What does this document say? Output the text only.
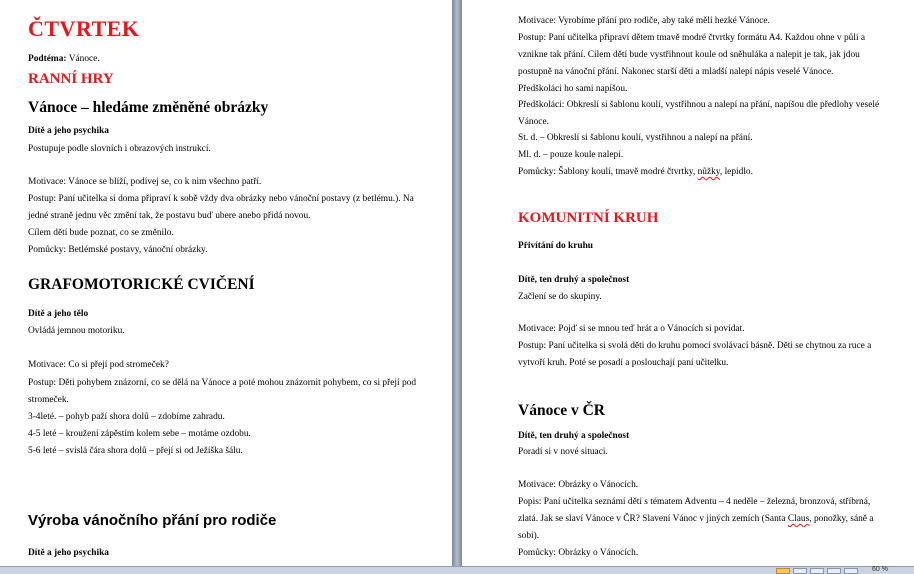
ČTVRTEK
Podtéma: Vánoce.
RANNÍ HRY
Vánoce – hledáme změněné obrázky
Dítě a jeho psychika
Postupuje podle slovních i obrazových instrukcí.
Motivace: Vánoce se blíží, podívej se, co k nim všechno patří.
Postup: Paní učitelka si doma připraví k sobě vždy dva obrázky nebo vánoční postavy (z betlému.). Na jedné straně jednu věc změní tak, že postavu buď ubere anebo přidá novou.
Cílem dětí bude poznat, co se změnilo.
Pomůcky: Betlémské postavy, vánoční obrázky.
GRAFOMOTORICKÉ CVIČENÍ
Dítě a jeho tělo
Ovládá jemnou motoriku.
Motivace: Co si přejí pod stromeček?
Postup: Děti pohybem znázorní, co se dělá na Vánoce a poté mohou znázornit pohybem, co si přejí pod stromeček.
3-4leté. – pohyb paží shora dolů – zdobíme zahradu.
4-5 leté – kroužení zápěstím kolem sebe – motáme ozdobu.
5-6 leté – svislá čára shora dolů – přejí si od Ježíška šálu.
Výroba vánočního přání pro rodiče
Dítě a jeho psychika
Motivace: Vyrobíme přání pro rodiče, aby také měli hezké Vánoce.
Postup: Paní učitelka připraví dětem tmavě modré čtvrtky formátu A4. Každou ohne v půli a vznikne tak přání. Cílem dětí bude vystřihnout koule od sněhuláka a nalepit je tak, jak jdou postupně na vánoční přání. Nakonec starší děti a mladší nalepí nápis veselé Vánoce.
Předškoláci ho sami napíšou.
Předškoláci: Obkreslí si šablonu koulí, vystřihnou a nalepí na přání, napíšou dle předlohy veselé Vánoce.
St. d. – Obkreslí si šablonu koulí, vystřihnou a nalepí na přání.
Ml. d. – pouze koule nalepí.
Pomůcky: Šablony koulí, tmavě modré čtvrtky, nůžky, lepidlo.
KOMUNITNÍ KRUH
Přivítání do kruhu
Dítě, ten druhý a společnost
Začlení se do skupiny.
Motivace: Pojď si se mnou teď hrát a o Vánocích si povídat.
Postup: Paní učitelka si svolá děti do kruhu pomocí svolávací básně. Děti se chytnou za ruce a vytvoří kruh. Poté se posadí a poslouchají paní učitelku.
Vánoce v ČR
Dítě, ten druhý a společnost
Poradí si v nové situaci.
Motivace: Obrázky o Vánocích.
Popis: Paní učitelka seznámí děti s tématem Adventu – 4 neděle – železná, bronzová, stříbrná, zlatá. Jak se slaví Vánoce v ČR? Slavení Vánoc v jiných zemích (Santa Claus, ponožky, sáně a sobi).
Pomůcky: Obrázky o Vánocích.
60 %
